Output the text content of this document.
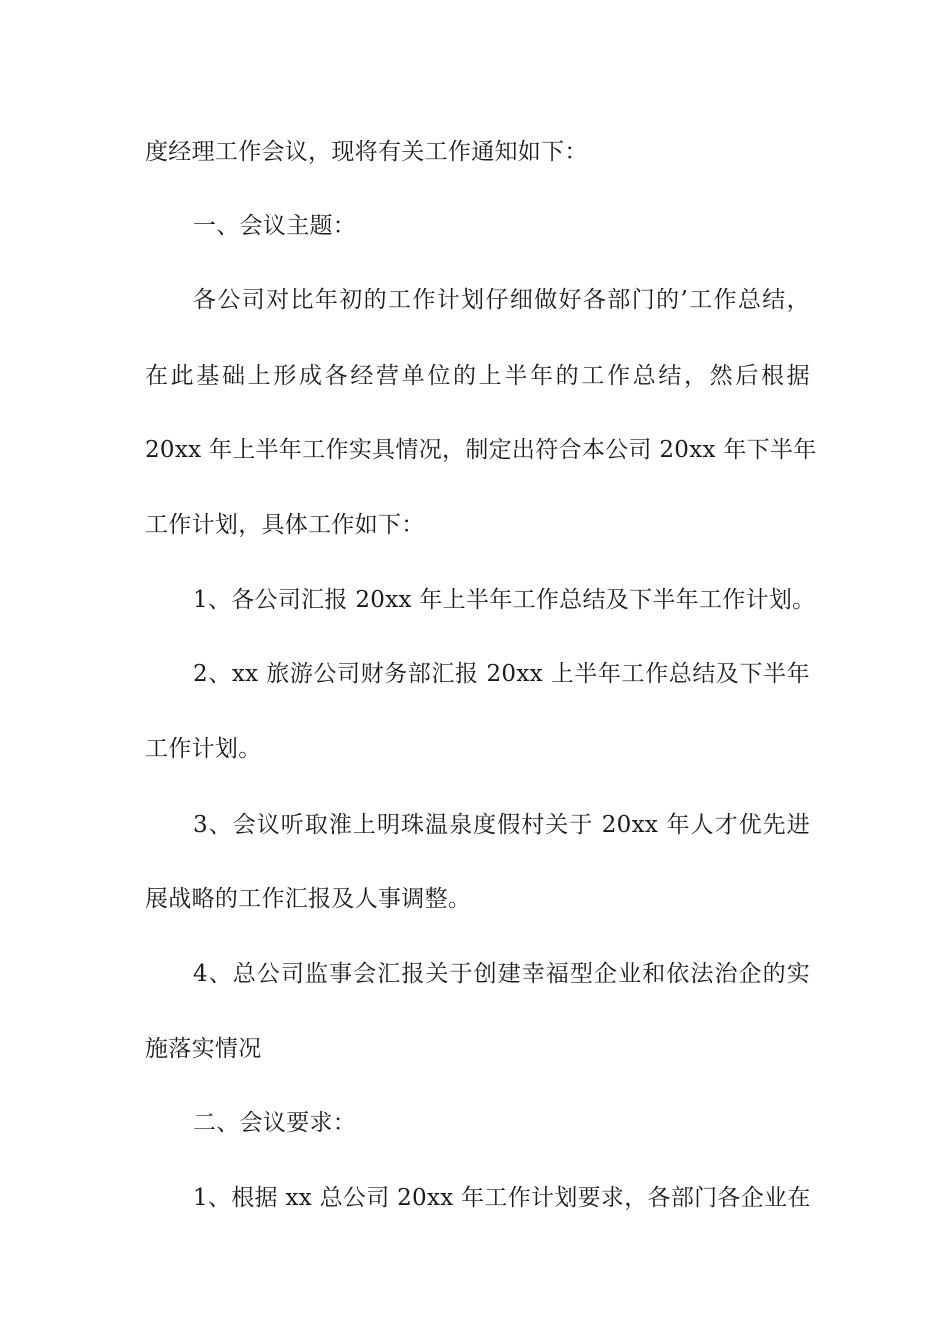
度经理工作会议，现将有关工作通知如下：
一、会议主题：
各公司对比年初的工作计划仔细做好各部门的’工作总结，
在此基础上形成各经营单位的上半年的工作总结，然后根据
20xx 年上半年工作实具情况，制定出符合本公司 20xx 年下半年
工作计划，具体工作如下：
1、各公司汇报 20xx 年上半年工作总结及下半年工作计划。
2、xx 旅游公司财务部汇报 20xx 上半年工作总结及下半年
工作计划。
3、会议听取淮上明珠温泉度假村关于 20xx 年人才优先进
展战略的工作汇报及人事调整。
4、总公司监事会汇报关于创建幸福型企业和依法治企的实
施落实情况
二、会议要求：
1、根据 xx 总公司 20xx 年工作计划要求，各部门各企业在
